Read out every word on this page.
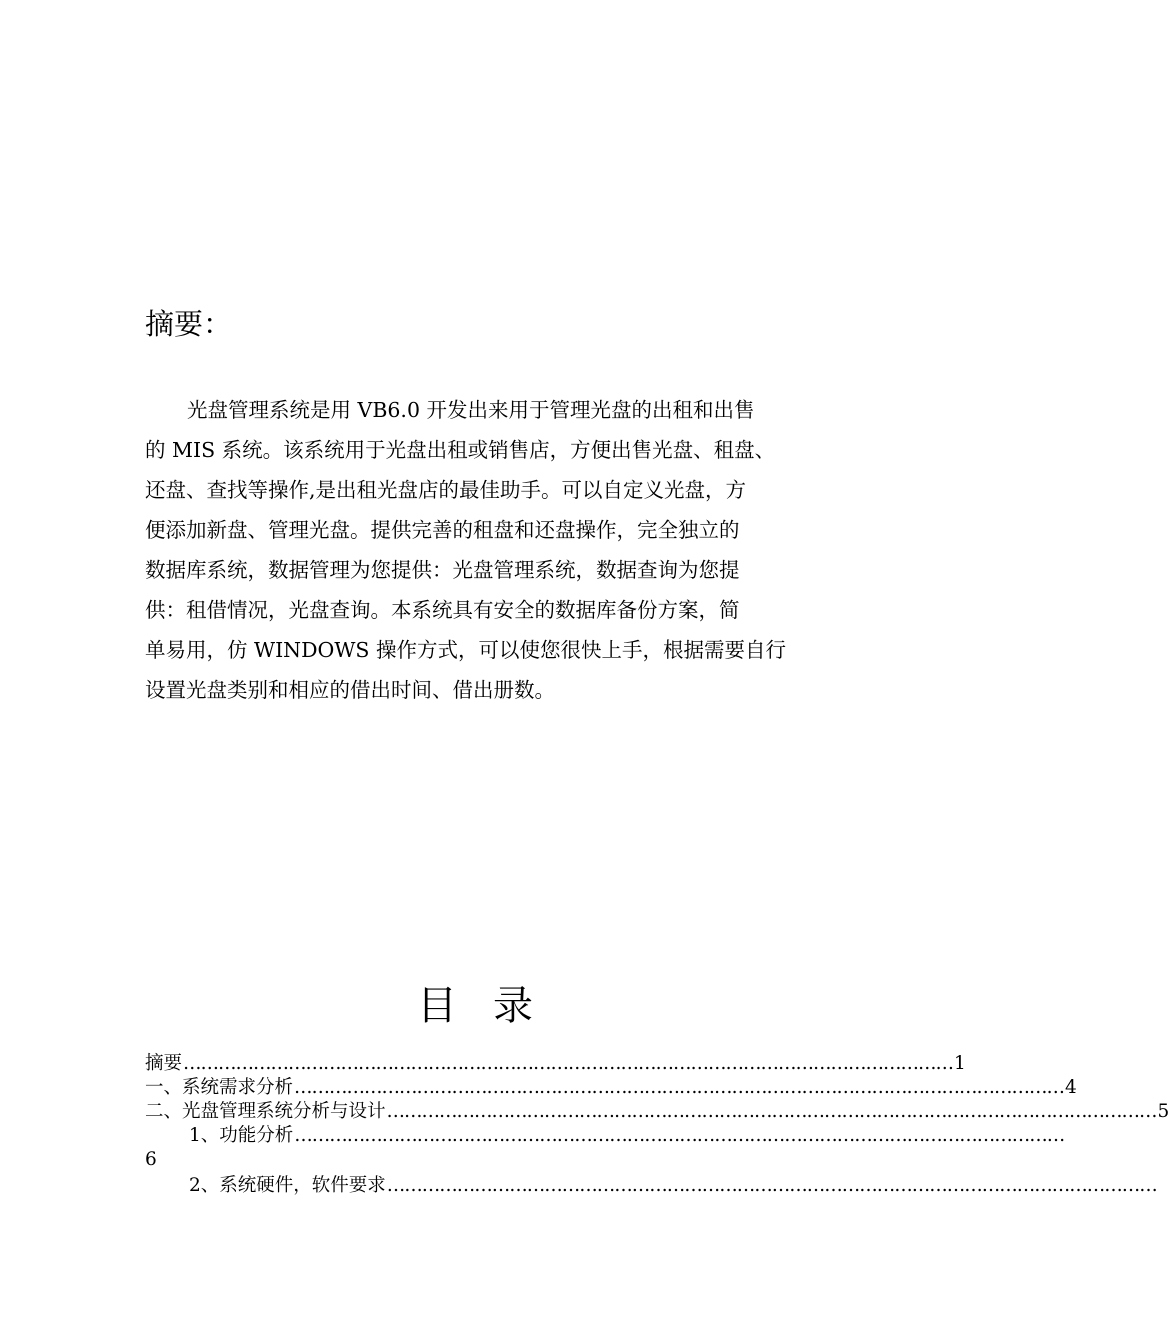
摘要：
光盘管理系统是用 VB6.0 开发出来用于管理光盘的出租和出售
的 MIS 系统。该系统用于光盘出租或销售店，方便出售光盘、租盘、
还盘、查找等操作,是出租光盘店的最佳助手。可以自定义光盘，方
便添加新盘、管理光盘。提供完善的租盘和还盘操作，完全独立的
数据库系统，数据管理为您提供：光盘管理系统，数据查询为您提
供：租借情况，光盘查询。本系统具有安全的数据库备份方案，简
单易用，仿 WINDOWS 操作方式，可以使您很快上手，根据需要自行
设置光盘类别和相应的借出时间、借出册数。
目录
摘要 …………………………………………………………………………………………………………………… 1
一、系统需求分析 …………………………………………………………………………………………………………………… 4
二、光盘管理系统分析与设计 …………………………………………………………………………………………………………………… 5
1、功能分析 ……………………………………………………………………………………………………………………
6
2、系统硬件，软件要求 ……………………………………………………………………………………………………………………
